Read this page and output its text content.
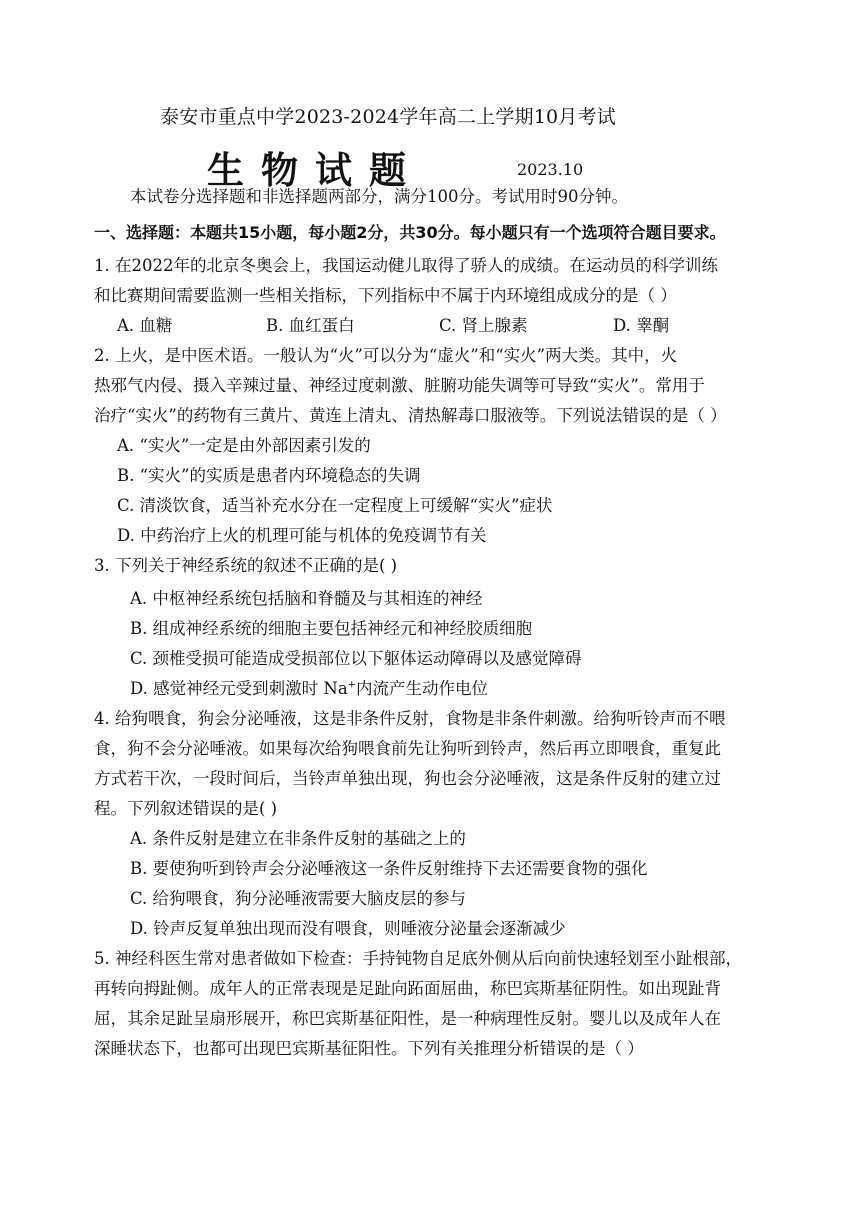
泰安市重点中学2023-2024学年高二上学期10月考试
生物试题	2023.10
本试卷分选择题和非选择题两部分，满分100分。考试用时90分钟。
一、选择题：本题共15小题，每小题2分，共30分。每小题只有一个选项符合题目要求。
1. 在2022年的北京冬奥会上，我国运动健儿取得了骄人的成绩。在运动员的科学训练
和比赛期间需要监测一些相关指标，下列指标中不属于内环境组成成分的是（ ）
A. 血糖	B. 血红蛋白	C. 肾上腺素	D. 睾酮
2. 上火，是中医术语。一般认为“火”可以分为“虚火”和“实火”两大类。其中，火
热邪气内侵、摄入辛辣过量、神经过度刺激、脏腑功能失调等可导致“实火”。常用于
治疗“实火”的药物有三黄片、黄连上清丸、清热解毒口服液等。下列说法错误的是（ ）
A. “实火”一定是由外部因素引发的
B. “实火”的实质是患者内环境稳态的失调
C. 清淡饮食，适当补充水分在一定程度上可缓解“实火”症状
D. 中药治疗上火的机理可能与机体的免疫调节有关
3. 下列关于神经系统的叙述不正确的是( )
A. 中枢神经系统包括脑和脊髓及与其相连的神经
B. 组成神经系统的细胞主要包括神经元和神经胶质细胞
C. 颈椎受损可能造成受损部位以下躯体运动障碍以及感觉障碍
D. 感觉神经元受到刺激时 Na+内流产生动作电位
4. 给狗喂食，狗会分泌唾液，这是非条件反射，食物是非条件刺激。给狗听铃声而不喂
食，狗不会分泌唾液。如果每次给狗喂食前先让狗听到铃声，然后再立即喂食，重复此
方式若干次，一段时间后，当铃声单独出现，狗也会分泌唾液，这是条件反射的建立过
程。下列叙述错误的是( )
A. 条件反射是建立在非条件反射的基础之上的
B. 要使狗听到铃声会分泌唾液这一条件反射维持下去还需要食物的强化
C. 给狗喂食，狗分泌唾液需要大脑皮层的参与
D. 铃声反复单独出现而没有喂食，则唾液分泌量会逐渐减少
5. 神经科医生常对患者做如下检查：手持钝物自足底外侧从后向前快速轻划至小趾根部，
再转向拇趾侧。成年人的正常表现是足趾向跖面屈曲，称巴宾斯基征阴性。如出现趾背
屈，其余足趾呈扇形展开，称巴宾斯基征阳性，是一种病理性反射。婴儿以及成年人在
深睡状态下，也都可出现巴宾斯基征阳性。下列有关推理分析错误的是（ ）
